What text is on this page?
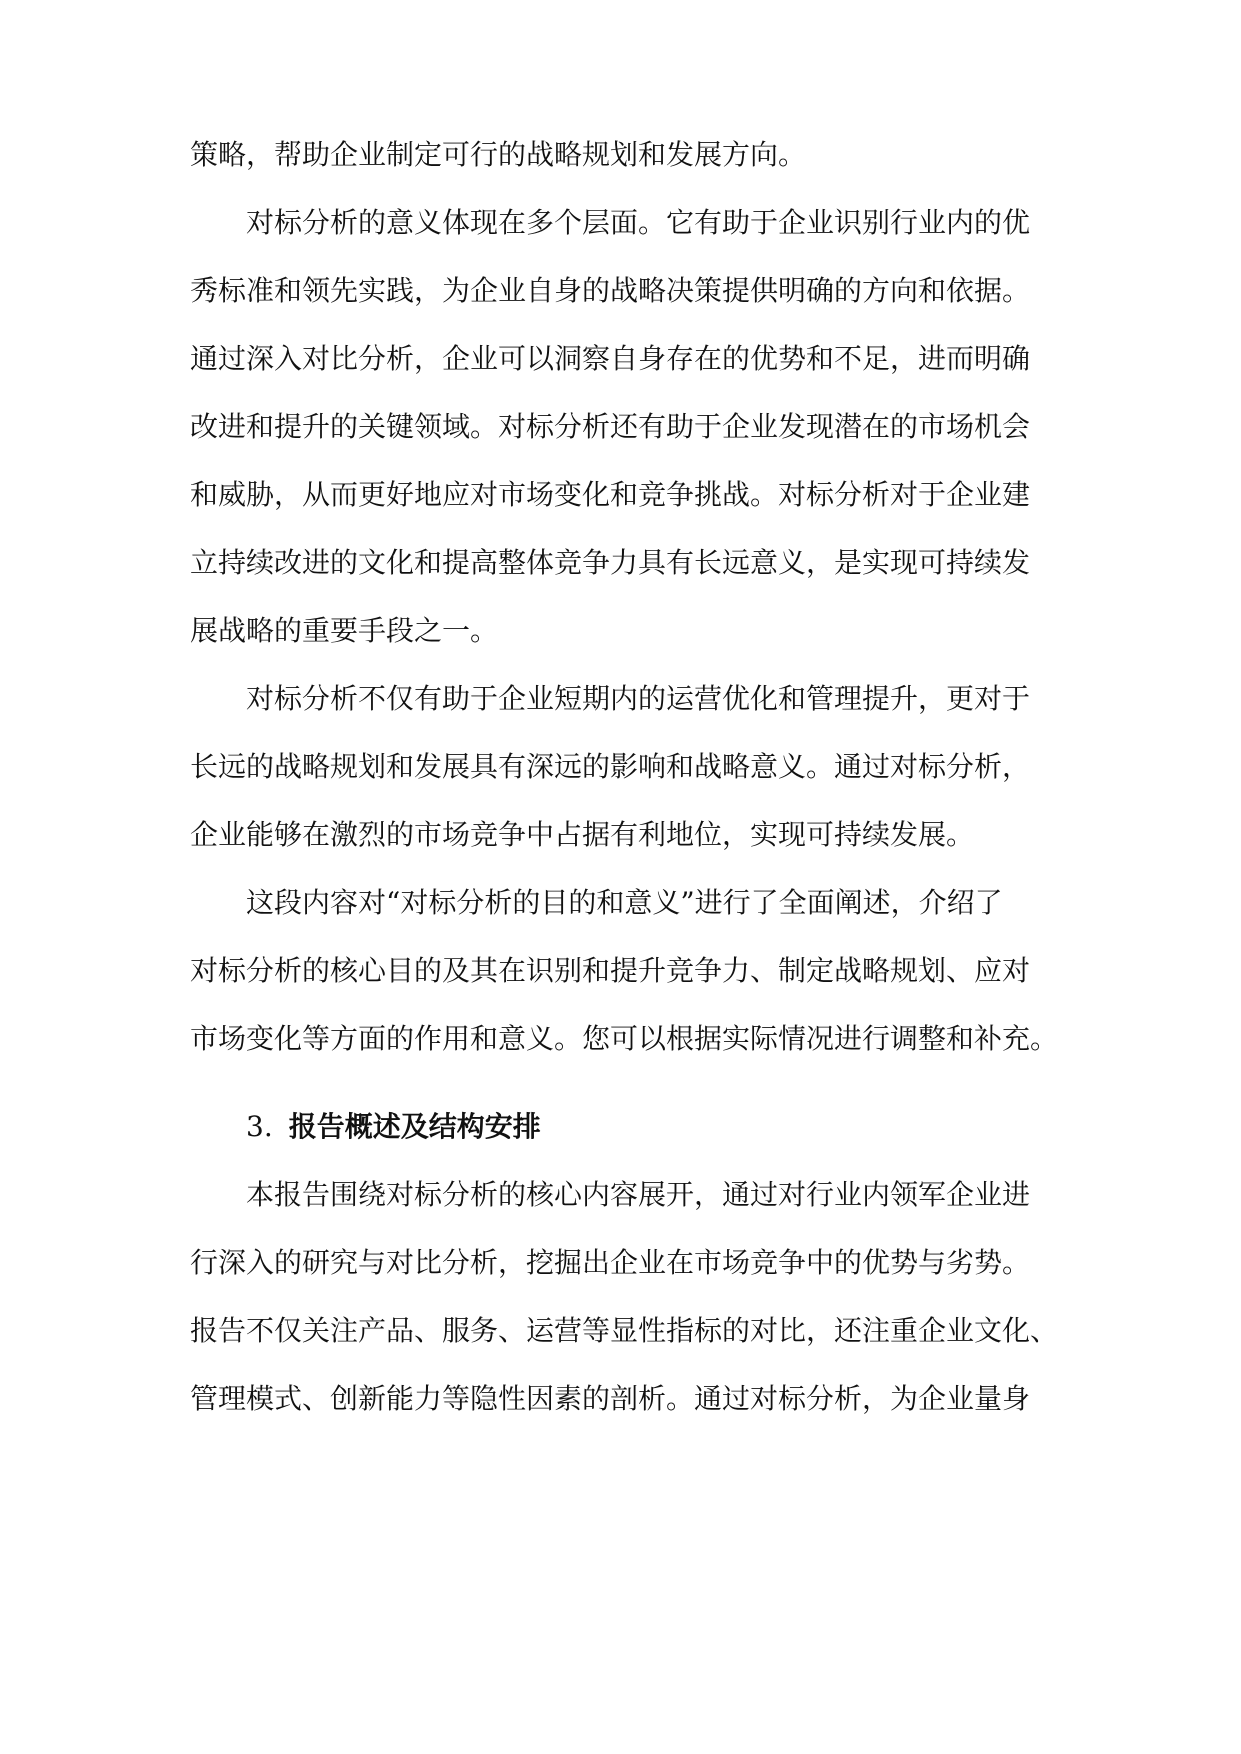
策略，帮助企业制定可行的战略规划和发展方向。
对标分析的意义体现在多个层面。它有助于企业识别行业内的优
秀标准和领先实践，为企业自身的战略决策提供明确的方向和依据。
通过深入对比分析，企业可以洞察自身存在的优势和不足，进而明确
改进和提升的关键领域。对标分析还有助于企业发现潜在的市场机会
和威胁，从而更好地应对市场变化和竞争挑战。对标分析对于企业建
立持续改进的文化和提高整体竞争力具有长远意义，是实现可持续发
展战略的重要手段之一。
对标分析不仅有助于企业短期内的运营优化和管理提升，更对于
长远的战略规划和发展具有深远的影响和战略意义。通过对标分析，
企业能够在激烈的市场竞争中占据有利地位，实现可持续发展。
这段内容对“对标分析的目的和意义”进行了全面阐述，介绍了
对标分析的核心目的及其在识别和提升竞争力、制定战略规划、应对
市场变化等方面的作用和意义。您可以根据实际情况进行调整和补充。
3. 报告概述及结构安排
本报告围绕对标分析的核心内容展开，通过对行业内领军企业进
行深入的研究与对比分析，挖掘出企业在市场竞争中的优势与劣势。
报告不仅关注产品、服务、运营等显性指标的对比，还注重企业文化、
管理模式、创新能力等隐性因素的剖析。通过对标分析，为企业量身
